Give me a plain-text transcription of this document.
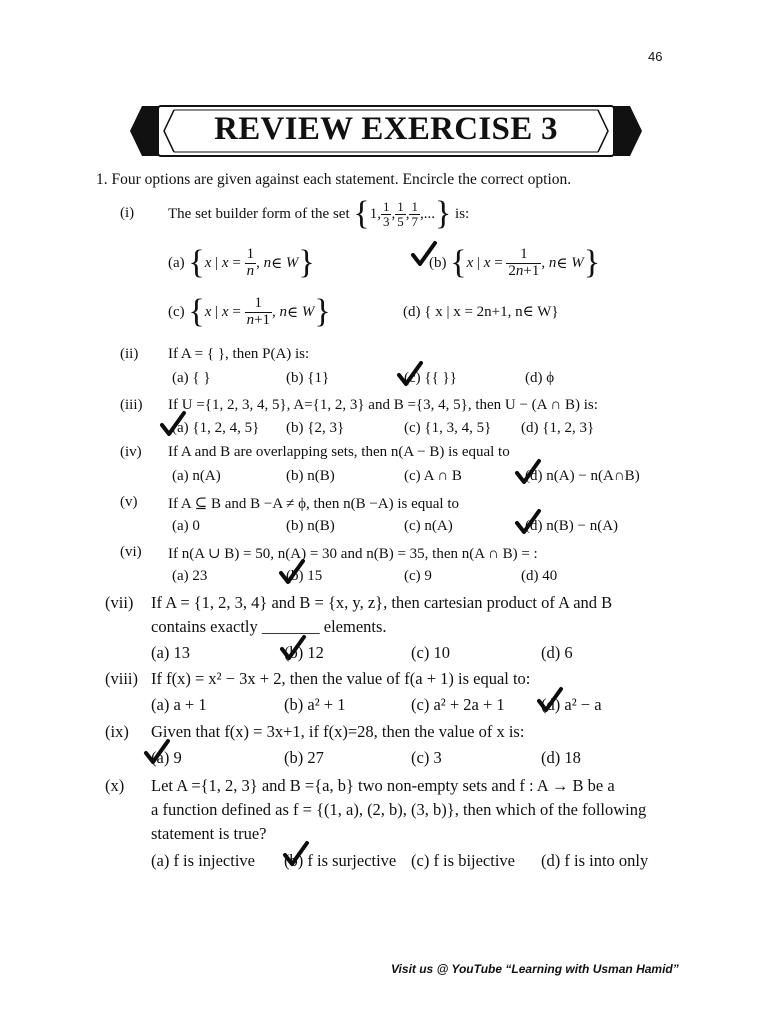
46
REVIEW EXERCISE 3
1. Four options are given against each statement. Encircle the correct option.
(i) The set builder form of the set
{ 1, $\frac{1}{3}$ , $\frac{1}{5}$ , $\frac{1}{7}$ ,... }
is:
(a)
{ x | $x = \frac{1}{n}$ , n ∈ W }	(b)
{ x | $x = \frac{1}{2n+1}$ , n ∈ W }
(c)
{ x | $x = \frac{1}{n+1}$ , n ∈ W }	(d) { x | x = 2n+1, n∈ W}
(ii) If A = { }, then P(A) is:
(a) { }	(b) {1}	(c) {{ }}	(d) ϕ
(iii) If U ={1, 2, 3, 4, 5}, A={1, 2, 3} and B ={3, 4, 5}, then U − (A ∩ B) is:
(a) {1, 2, 4, 5} (b) {2, 3}	(c) {1, 3, 4, 5} (d) {1, 2, 3}
(iv) If A and B are overlapping sets, then n(A − B) is equal to
(a) n(A)	(b) n(B)	(c) A ∩ B	(d) n(A) − n(A∩B)
(v) If A ⊆ B and B −A ≠ ϕ, then n(B −A) is equal to
(a) 0	(b) n(B)	(c) n(A)	(d) n(B) − n(A)
(vi) If n(A ∪ B) = 50, n(A) = 30 and n(B) = 35, then n(A ∩ B) = :
(a) 23	(b) 15	(c) 9	(d) 40
(vii) If A = {1, 2, 3, 4} and B = {x, y, z}, then cartesian product of A and B
contains exactly _______ elements.
(a) 13	(b) 12	(c) 10	(d) 6
(viii) If f(x) = x² − 3x + 2, then the value of f(a + 1) is equal to:
(a) a + 1	(b) a² + 1	(c) a² + 2a + 1 (d) a² − a
(ix) Given that f(x) = 3x+1, if f(x)=28, then the value of x is:
(a) 9	(b) 27	(c) 3	(d) 18
(x) Let A ={1, 2, 3} and B ={a, b} two non-empty sets and f : A → B be a
a function defined as f = {(1, a), (2, b), (3, b)}, then which of the following
statement is true?
(a) f is injective (b) f is surjective (c) f is bijective (d) f is into only
Visit us @ YouTube “Learning with Usman Hamid”
